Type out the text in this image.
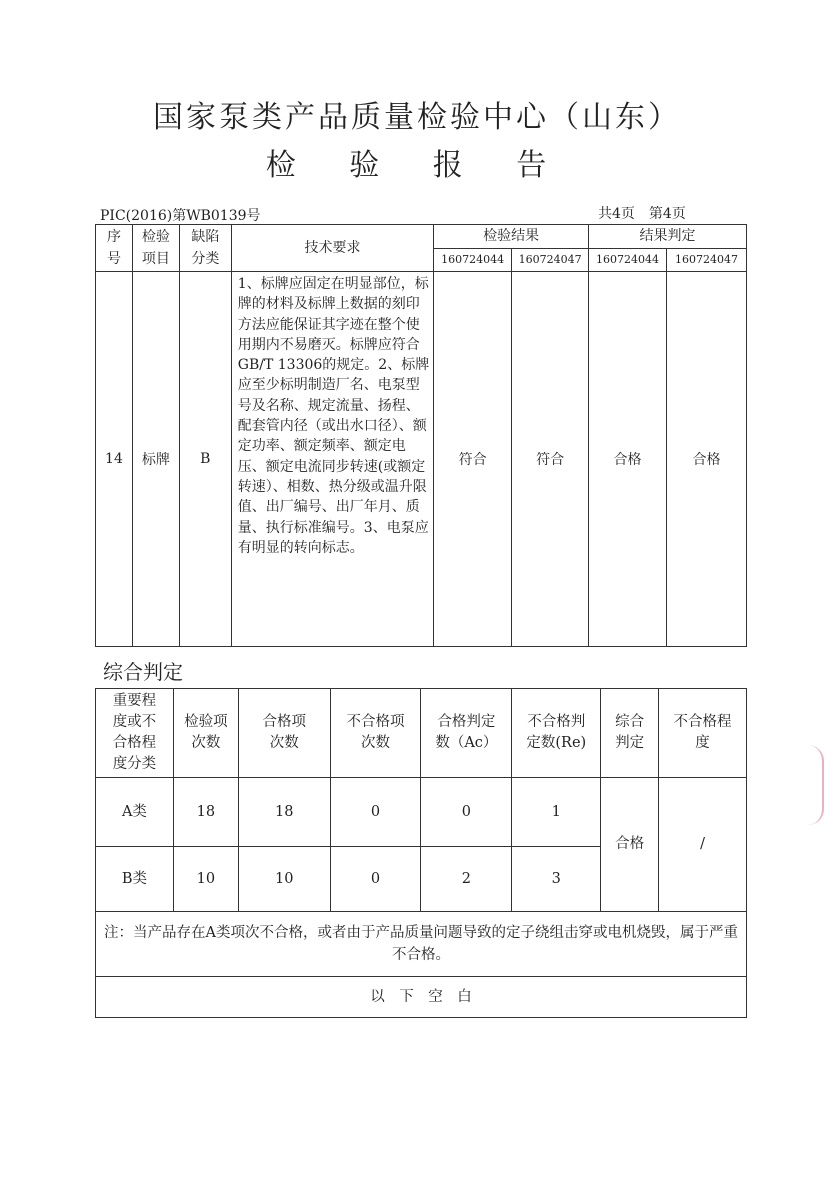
国家泵类产品质量检验中心（山东）
检 验 报 告
PIC(2016)第WB0139号	共4页　第4页
序号	检验项目	缺陷分类	技术要求	检验结果		结果判定	
				160724044	160724047	160724044	160724047
14	标牌	B	1、标牌应固定在明显部位，标牌的材料及标牌上数据的刻印方法应能保证其字迹在整个使用期内不易磨灭。标牌应符合GB/T 13306的规定。2、标牌应至少标明制造厂名、电泵型号及名称、规定流量、扬程、配套管内径（或出水口径）、额定功率、额定频率、额定电压、额定电流同步转速(或额定转速）、相数、热分级或温升限值、出厂编号、出厂年月、质量、执行标准编号。3、电泵应有明显的转向标志。	符合	符合	合格	合格
综合判定
重要程度或不合格程度分类	检验项次数	合格项次数	不合格项次数	合格判定数（Ac）	不合格判定数(Re)	综合判定	不合格程度

A类	18	18	0	0	1	合格	/
B类	10	10	0	2	3		
注：当产品存在A类项次不合格，或者由于产品质量问题导致的定子绕组击穿或电机烧毁，属于严重不合格。							
以　下　空　白							
